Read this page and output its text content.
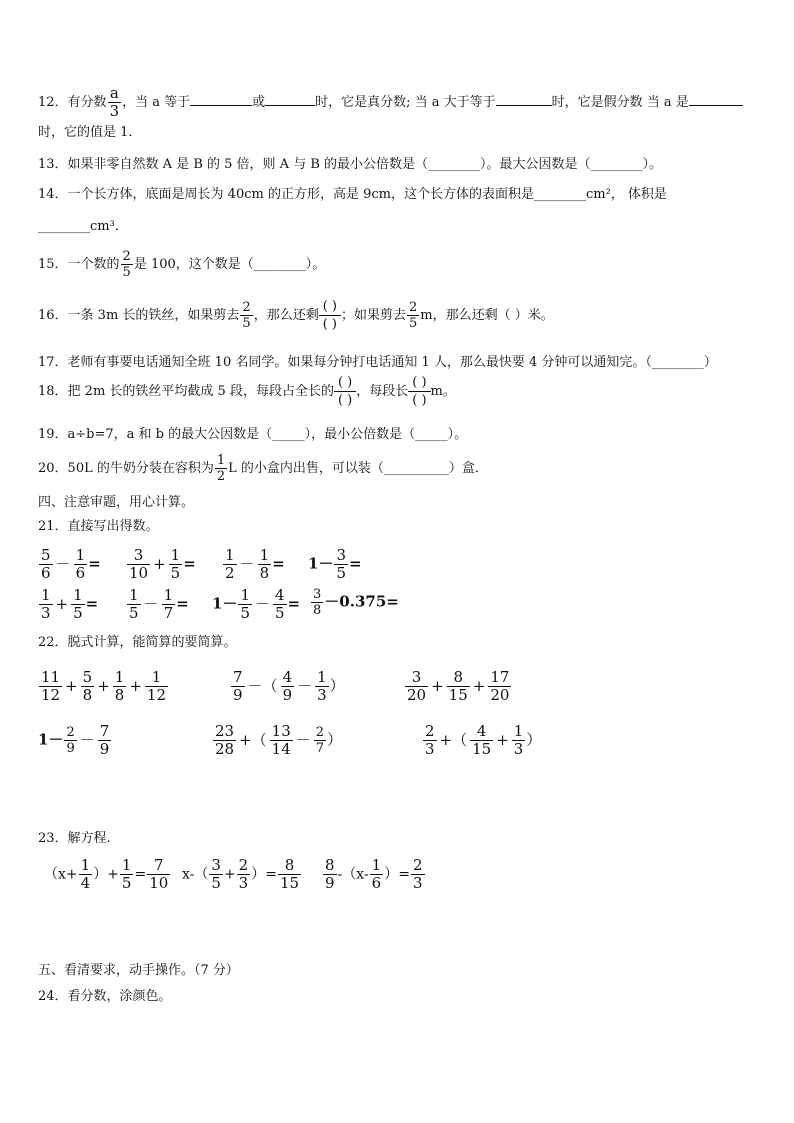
12．有分数 $\frac{a}{3}$ ，当 a 等于	或	时，它是真分数; 当 a 大于等于	时，它是假分数 当 a 是
时，它的值是 1．
13．如果非零自然数 A 是 B 的 5 倍，则 A 与 B 的最小公倍数是（________）。最大公因数是（________）。
14．一个长方体，底面是周长为 40cm 的正方形，高是 9cm，这个长方体的表面积是________cm²， 体积是
________cm³．
15．一个数的 $\frac{2}{5}$ 是 100，这个数是（________）。
16．一条 3m 长的铁丝，如果剪去 $\frac{2}{5}$ ，那么还剩
( )
( )
；如果剪去 $\frac{2}{5}$ m，那么还剩（ ）米。
17．老师有事要电话通知全班 10 名同学。如果每分钟打电话通知 1 人，那么最快要 4 分钟可以通知完。（________）
18．把 2m 长的铁丝平均截成 5 段，每段占全长的
( )
( )
，每段长
( )
( )
m。
19．a÷b=7，a 和 b 的最大公因数是（_____），最小公倍数是（_____）。
20．50L 的牛奶分装在容积为 $\frac{1}{2}$ L 的小盒内出售，可以装（__________）盒．
四、注意审题，用心计算。
21．直接写出得数。
$\frac{5}{6} - \frac{1}{6} = \frac{3}{10} + \frac{1}{5} = \frac{1}{2} - \frac{1}{8} = 1- \frac{3}{5}$ =
$\frac{1}{3} + \frac{1}{5} = \frac{1}{5} - \frac{1}{7} = 1- \frac{1}{5} - \frac{4}{5} = \frac{3}{8} -0.375=$
22．脱式计算，能简算的要简算。
$\frac{11}{12} + \frac{5}{8} + \frac{1}{8} + \frac{1}{12}$	$\frac{7}{9}$ －（ $\frac{4}{9} - \frac{1}{3}$ ）	$\frac{3}{20} + \frac{8}{15} + \frac{17}{20}$
$1- \frac{2}{9} - \frac{7}{9}$	$\frac{23}{28}$ +（ $\frac{13}{14} - \frac{2}{7}$ ）	$\frac{2}{3}$ +（ $\frac{4}{15} + \frac{1}{3}$ ）
23．解方程.
（$x+ \frac{1}{4}$ ）+ $\frac{1}{5} = \frac{7}{10} x-( \frac{3}{5} + \frac{2}{3}$ ）= $\frac{8}{15} \frac{8}{9} -(x- \frac{1}{6}$ ）= $\frac{2}{3}$
五、看清要求，动手操作。（7 分）
24．看分数，涂颜色。
